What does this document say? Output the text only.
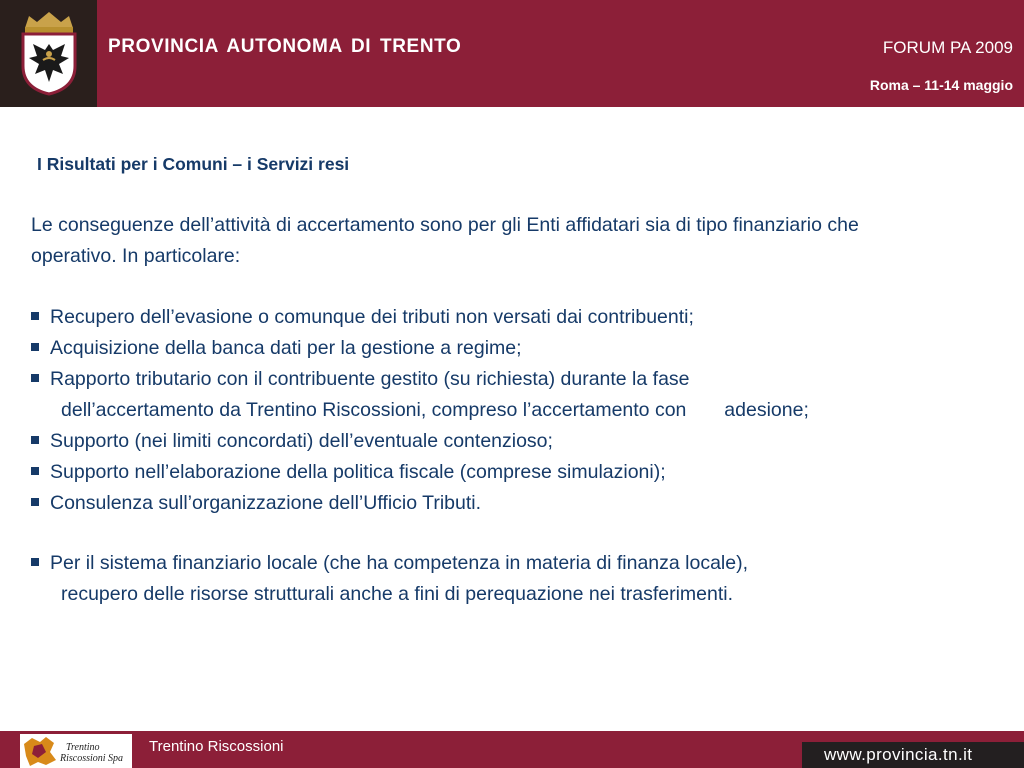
PROVINCIA AUTONOMA DI TRENTO	FORUM PA 2009
Roma – 11-14 maggio
I Risultati per i Comuni – i Servizi resi
Le conseguenze dell’attività di accertamento sono per gli Enti affidatari sia di tipo finanziario che operativo. In particolare:
Recupero dell’evasione o comunque dei tributi non versati dai contribuenti;
Acquisizione della banca dati per la gestione a regime;
Rapporto tributario con il contribuente gestito (su richiesta) durante la fase
dell’accertamento da Trentino Riscossioni, compreso l’accertamento con       adesione;
Supporto (nei limiti concordati) dell’eventuale contenzioso;
Supporto nell’elaborazione della politica fiscale (comprese simulazioni);
Consulenza sull’organizzazione dell’Ufficio Tributi.
Per il sistema finanziario locale (che ha competenza in materia di finanza locale),
recupero delle risorse strutturali anche a fini di perequazione nei trasferimenti.
Trentino
Riscossioni Spa
Trentino Riscossioni	www.provincia.tn.it
